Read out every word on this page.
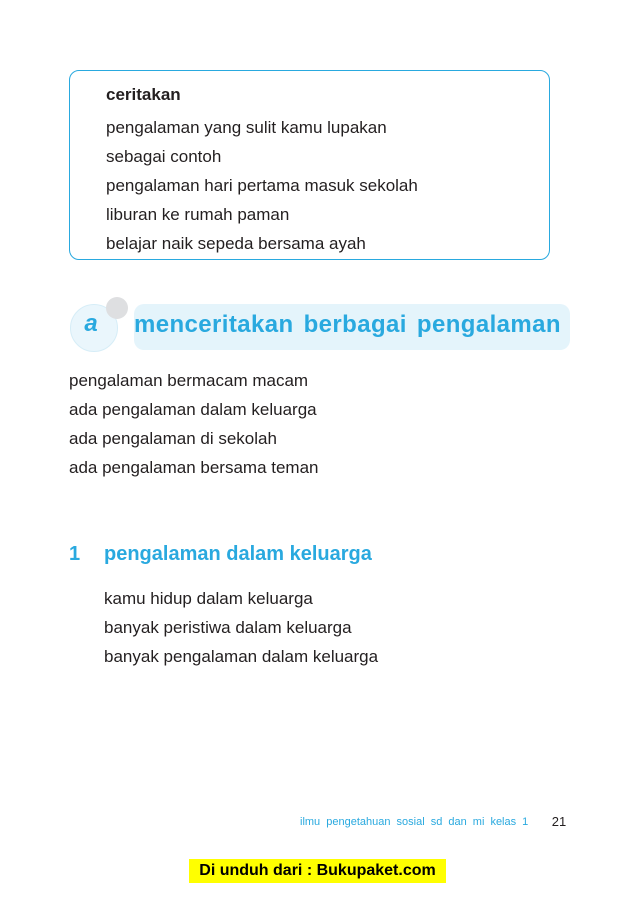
ceritakan
pengalaman yang sulit kamu lupakan
sebagai contoh
pengalaman hari pertama masuk sekolah
liburan ke rumah paman
belajar naik sepeda bersama ayah
a menceritakan berbagai pengalaman
pengalaman bermacam macam
ada pengalaman dalam keluarga
ada pengalaman di sekolah
ada pengalaman bersama teman
1 pengalaman dalam keluarga
kamu hidup dalam keluarga
banyak peristiwa dalam keluarga
banyak pengalaman dalam keluarga
ilmu pengetahuan sosial sd dan mi kelas 1	21
Di unduh dari : Bukupaket.com
